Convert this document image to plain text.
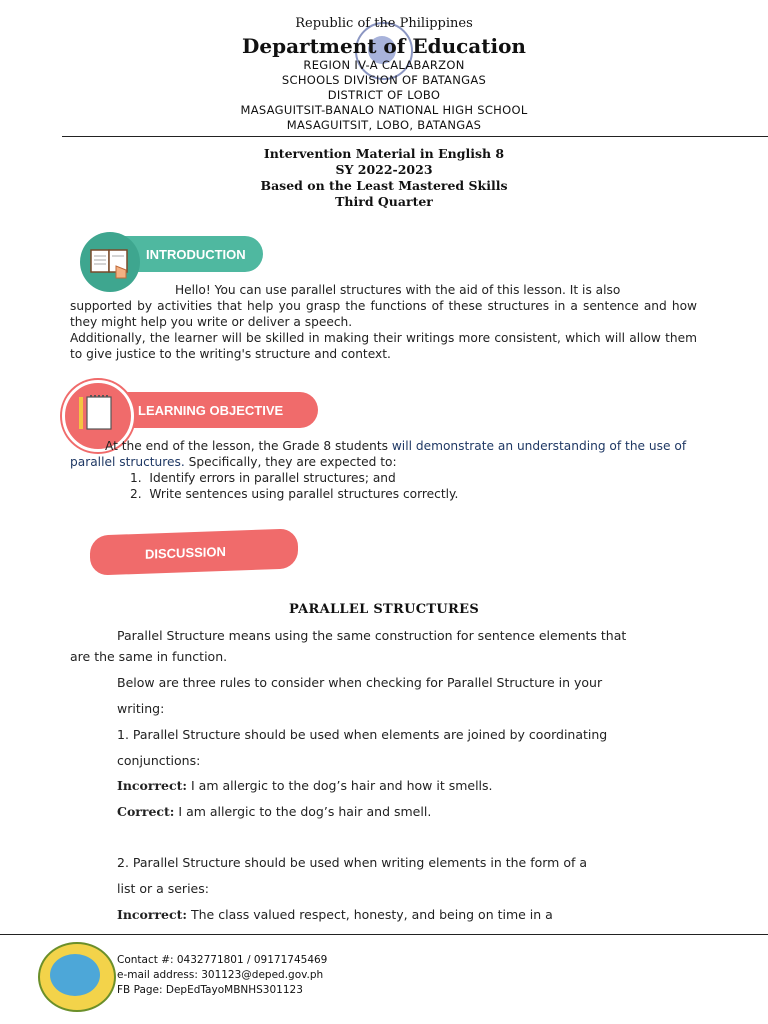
Republic of the Philippines
Department of Education
REGION IV-A CALABARZON
SCHOOLS DIVISION OF BATANGAS
DISTRICT OF LOBO
MASAGUITSIT-BANALO NATIONAL HIGH SCHOOL
MASAGUITSIT, LOBO, BATANGAS
Intervention Material in English 8
SY 2022-2023
Based on the Least Mastered Skills
Third Quarter
INTRODUCTION
Hello! You can use parallel structures with the aid of this lesson. It is also
supported by activities that help you grasp the functions of these structures in a sentence and how they might help you write or deliver a speech.
Additionally, the learner will be skilled in making their writings more consistent, which will allow them to give justice to the writing's structure and context.
LEARNING OBJECTIVE
At the end of the lesson, the Grade 8 students will demonstrate an understanding of the use of parallel structures. Specifically, they are expected to:
1. Identify errors in parallel structures; and
2. Write sentences using parallel structures correctly.
DISCUSSION
PARALLEL STRUCTURES
Parallel Structure means using the same construction for sentence elements that
are the same in function.
Below are three rules to consider when checking for Parallel Structure in your
writing:
1. Parallel Structure should be used when elements are joined by coordinating
conjunctions:
Incorrect: I am allergic to the dog’s hair and how it smells.
Correct: I am allergic to the dog’s hair and smell.
2. Parallel Structure should be used when writing elements in the form of a
list or a series:
Incorrect: The class valued respect, honesty, and being on time in a
Contact #: 0432771801 / 09171745469
e-mail address: 301123@deped.gov.ph
FB Page: DepEdTayoMBNHS301123
